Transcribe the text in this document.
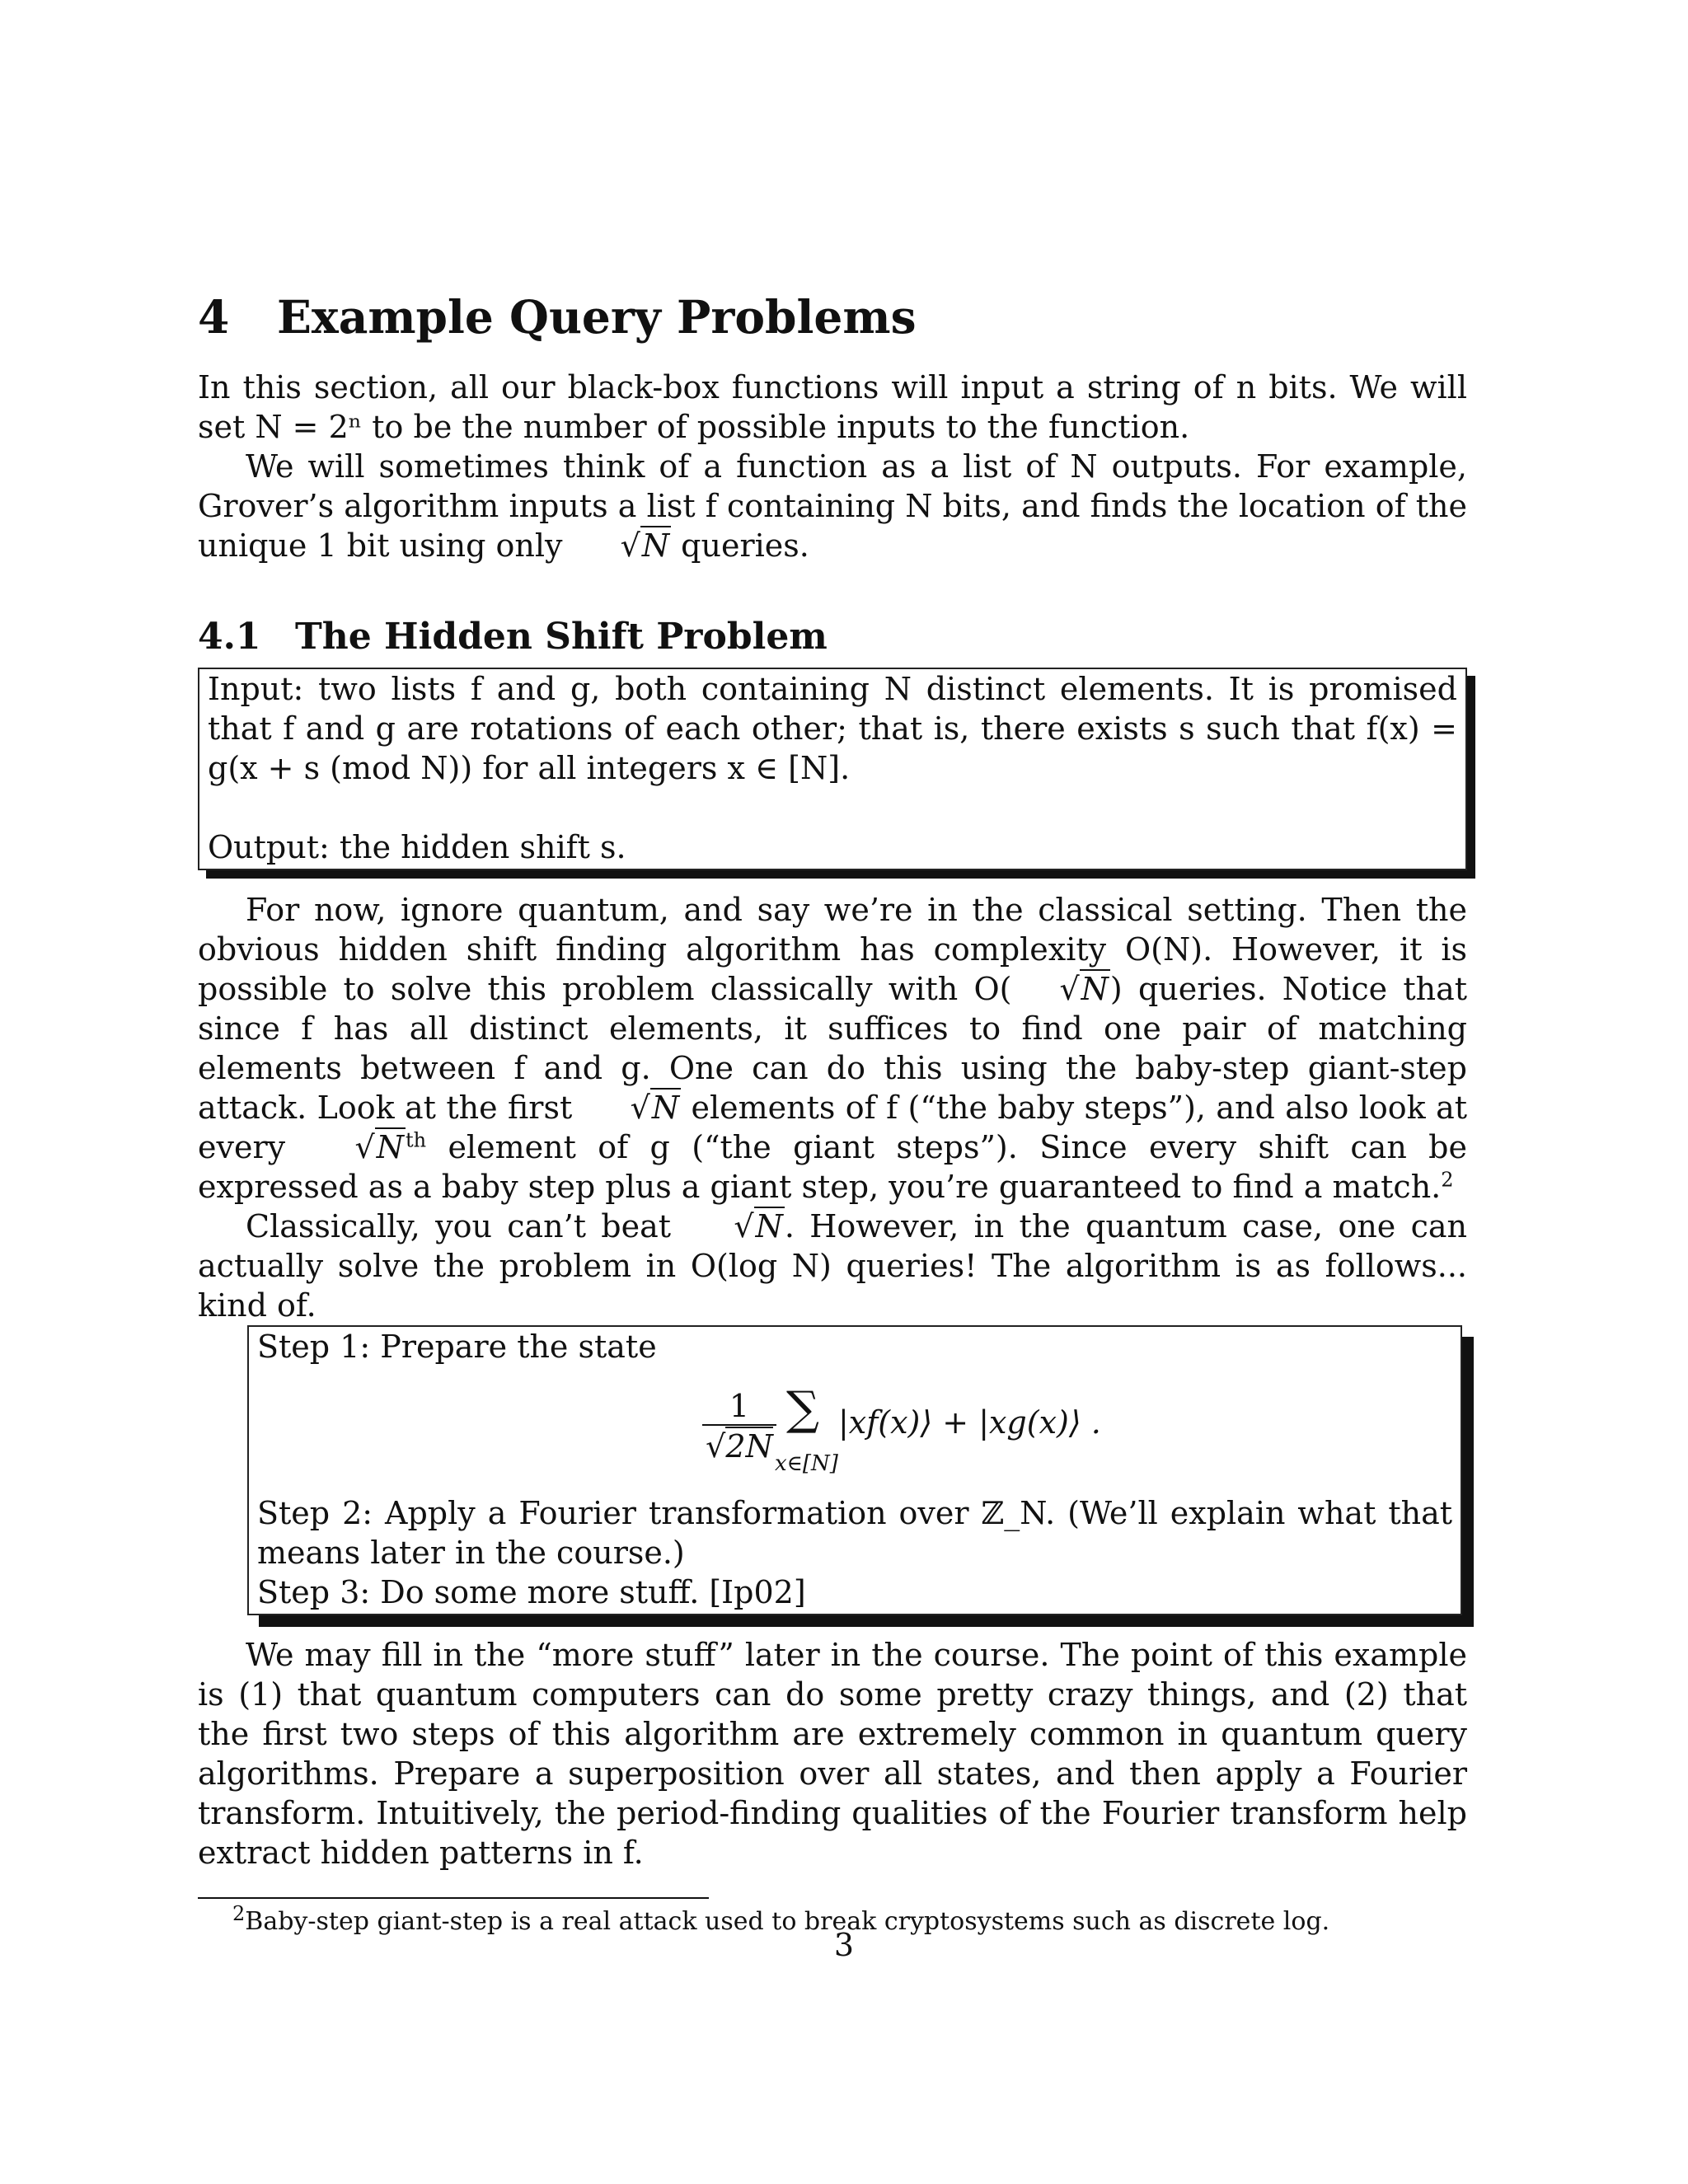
4 Example Query Problems

In this section, all our black-box functions will input a string of n bits. We will set N = 2ⁿ to be the number of possible inputs to the function.

We will sometimes think of a function as a list of N outputs. For example, Grover’s algorithm inputs a list f containing N bits, and finds the location of the unique 1 bit using only √N queries.

4.1 The Hidden Shift Problem

Input: two lists f and g, both containing N distinct elements. It is promised that f and g are rotations of each other; that is, there exists s such that f(x) = g(x + s (mod N)) for all integers x ∈ [N].

Output: the hidden shift s.

For now, ignore quantum, and say we’re in the classical setting. Then the obvious hidden shift finding algorithm has complexity O(N). However, it is possible to solve this problem classically with O( √N) queries. Notice that since f has all distinct elements, it suffices to find one pair of matching elements between f and g. One can do this using the baby-step giant-step attack. Look at the first √N elements of f (“the baby steps”), and also look at every $√N^{th}$ element of g (“the giant steps”). Since every shift can be expressed as a baby step plus a giant step, you’re guaranteed to find a match.$^2$

Classically, you can’t beat √N. However, in the quantum case, one can actually solve the problem in O(log N) queries! The algorithm is as follows... kind of.

Step 1: Prepare the state

$\frac{1}{√2N}$ ∑
x∈[N]
|xf(x)⟩ + |xg(x)⟩ .

Step 2: Apply a Fourier transformation over ℤ_N. (We’ll explain what that means later in the course.)

Step 3: Do some more stuff. [Ip02]

We may fill in the “more stuff” later in the course. The point of this example is (1) that quantum computers can do some pretty crazy things, and (2) that the first two steps of this algorithm are extremely common in quantum query algorithms. Prepare a superposition over all states, and then apply a Fourier transform. Intuitively, the period-finding qualities of the Fourier transform help extract hidden patterns in f.

$^2$Baby-step giant-step is a real attack used to break cryptosystems such as discrete log.

3
